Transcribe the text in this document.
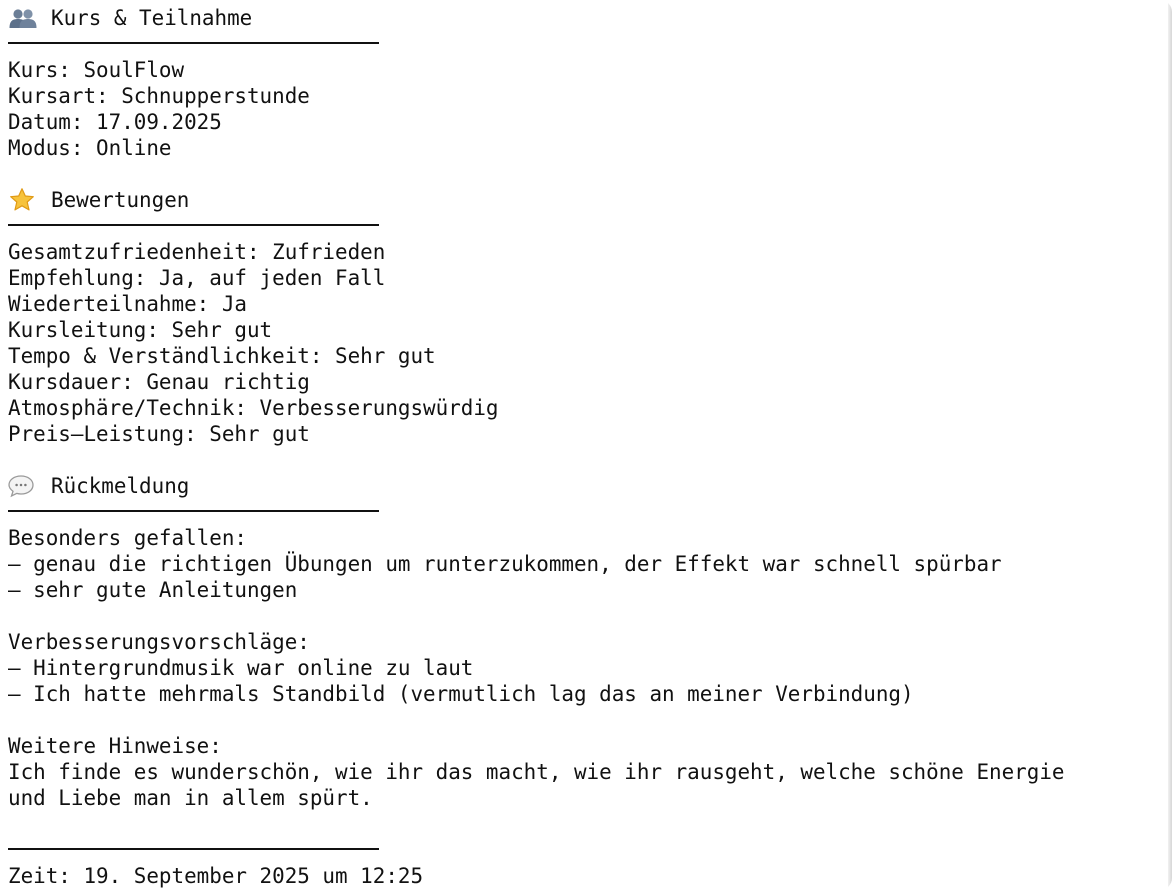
Kurs & Teilnahme
Kurs: SoulFlow
Kursart: Schnupperstunde
Datum: 17.09.2025
Modus: Online
Bewertungen
Gesamtzufriedenheit: Zufrieden
Empfehlung: Ja, auf jeden Fall
Wiederteilnahme: Ja
Kursleitung: Sehr gut
Tempo & Verständlichkeit: Sehr gut
Kursdauer: Genau richtig
Atmosphäre/Technik: Verbesserungswürdig
Preis–Leistung: Sehr gut
Rückmeldung
Besonders gefallen:
– genau die richtigen Übungen um runterzukommen, der Effekt war schnell spürbar
– sehr gute Anleitungen
Verbesserungsvorschläge:
– Hintergrundmusik war online zu laut
– Ich hatte mehrmals Standbild (vermutlich lag das an meiner Verbindung)
Weitere Hinweise:
Ich finde es wunderschön, wie ihr das macht, wie ihr rausgeht, welche schöne Energie
und Liebe man in allem spürt.
Zeit: 19. September 2025 um 12:25
